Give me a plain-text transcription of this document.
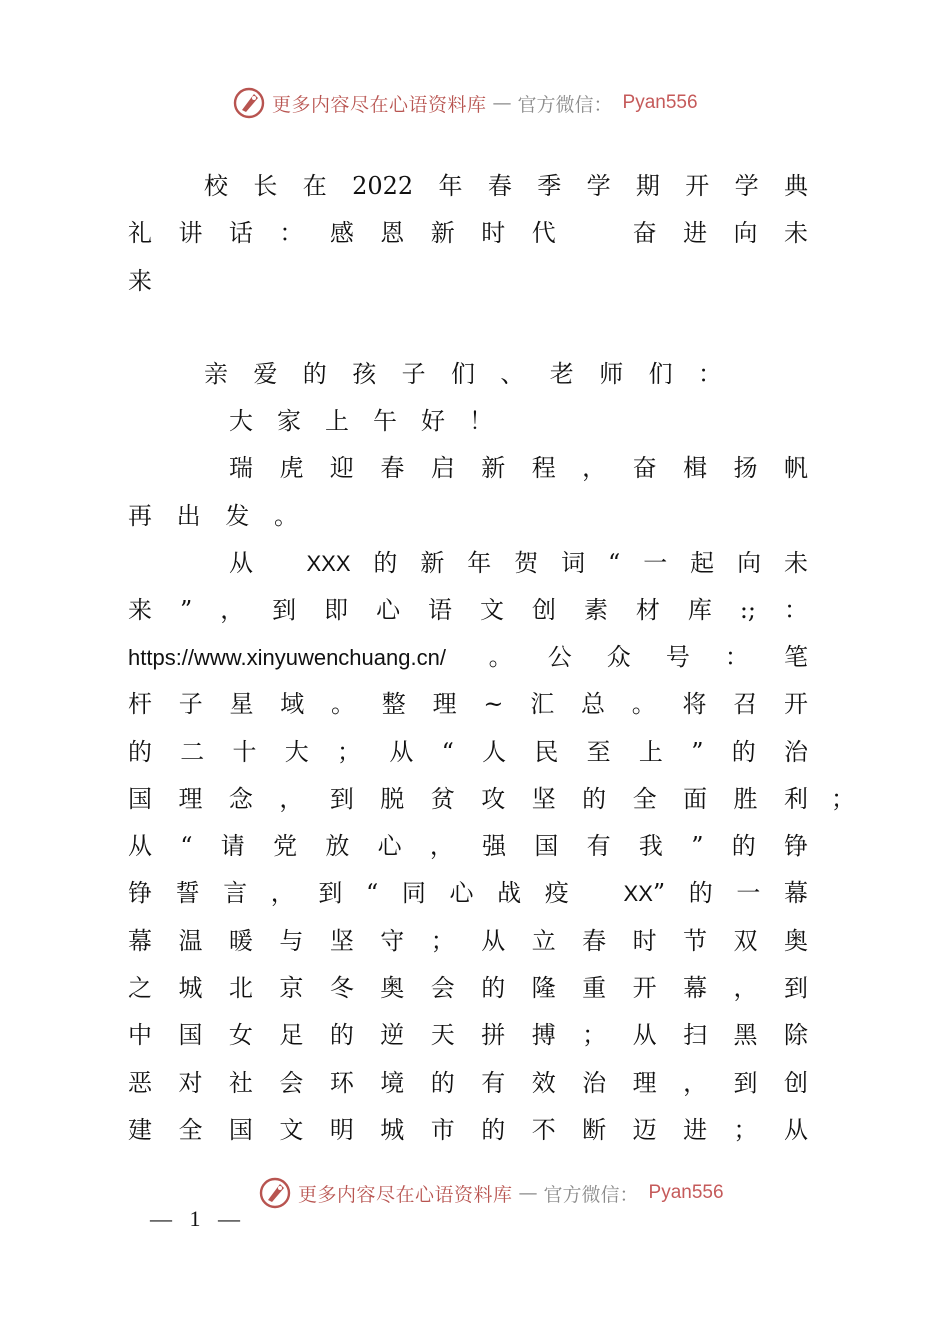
更多内容尽在心语资料库 — 官方微信： Pyan556
校长在2022年春季学期开学典
礼讲话：感恩新时代　奋进向未
来
亲爱的孩子们、老师们：
大家上午好！
瑞虎迎春启新程，奋楫扬帆
再出发。
从 XXX的新年贺词“一起向未
来”，到即心语文创素材库:;：
https://www.xinyuwenchuang.cn/ 。公众号：笔
杆子星域。整理~汇总。将召开
的二十大；从“人民至上”的治
国理念，到脱贫攻坚的全面胜利 ；
从“请党放心，强国有我”的铮
铮誓言，到“同心战疫 XX”的一幕
幕温暖与坚守；从立春时节双奥
之城北京冬奥会的隆重开幕，到
中国女足的逆天拼搏；从扫黑除
恶对社会环境的有效治理，到创
建全国文明城市的不断迈进；从
更多内容尽在心语资料库 — 官方微信： Pyan556
— 1 —
